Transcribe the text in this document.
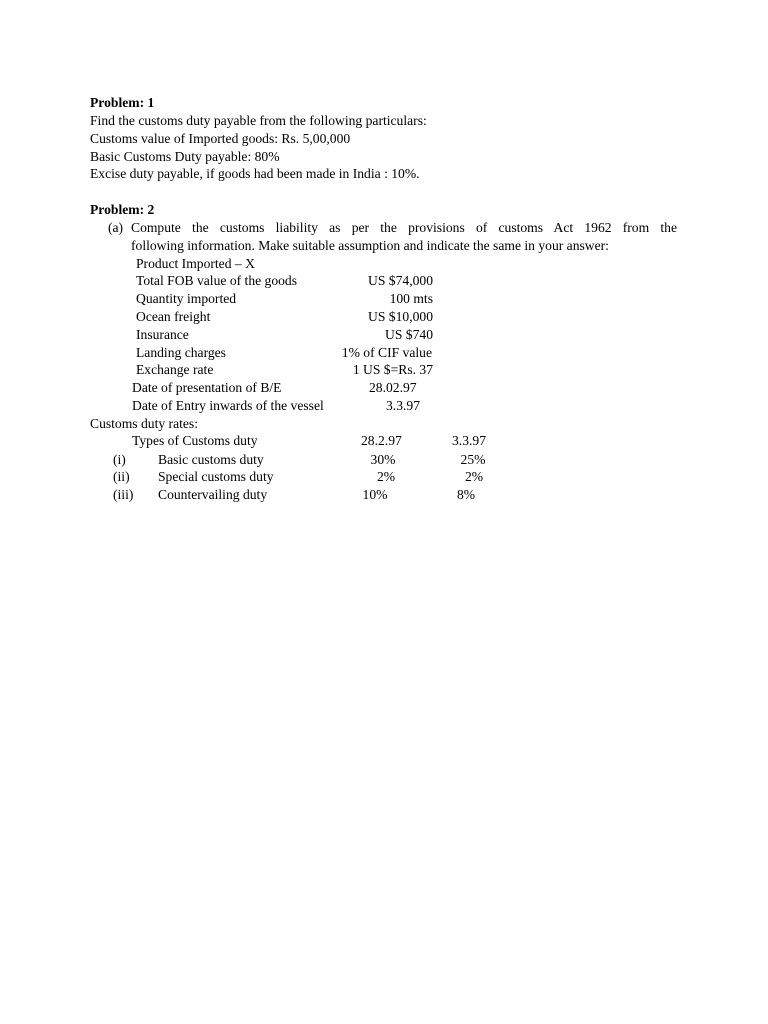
Problem: 1
Find the customs duty payable from the following particulars:
Customs value of Imported goods: Rs. 5,00,000
Basic Customs Duty payable: 80%
Excise duty payable, if goods had been made in India : 10%.
Problem: 2
(a) Compute the customs liability as per the provisions of customs Act 1962 from the
following information. Make suitable assumption and indicate the same in your answer:
Product Imported – X
Total FOB value of the goods	US $74,000
Quantity imported	100 mts
Ocean freight	US $10,000
Insurance	US $740
Landing charges	1% of CIF value
Exchange rate	1 US $=Rs. 37
Date of presentation of B/E	28.02.97
Date of Entry inwards of the vessel	3.3.97
Customs duty rates:
Types of Customs duty	28.2.97	3.3.97
(i) Basic customs duty	30%	25%
(ii) Special customs duty	2%	2%
(iii) Countervailing duty	10%	8%
